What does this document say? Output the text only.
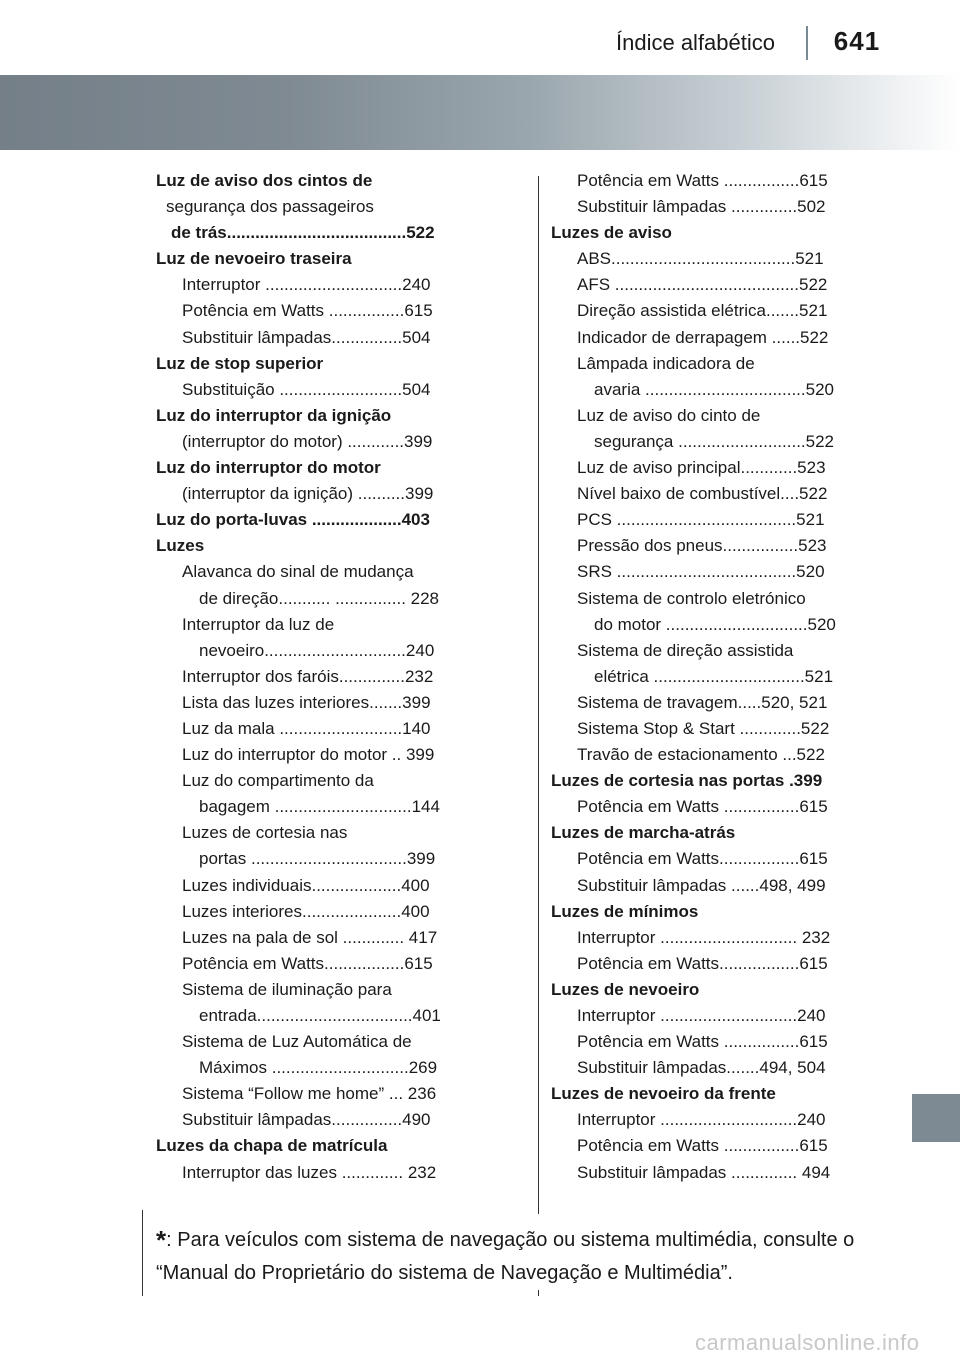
Índice alfabético	641
Luz de aviso dos cintos de
segurança dos passageiros
de trás......................................522
Luz de nevoeiro traseira
Interruptor .............................240
Potência em Watts ................615
Substituir lâmpadas...............504
Luz de stop superior
Substituição ..........................504
Luz do interruptor da ignição
(interruptor do motor) ............399
Luz do interruptor do motor
(interruptor da ignição) ..........399
Luz do porta-luvas ...................403
Luzes
Alavanca do sinal de mudança
de direção........... ............... 228
Interruptor da luz de
nevoeiro..............................240
Interruptor dos faróis..............232
Lista das luzes interiores.......399
Luz da mala ..........................140
Luz do interruptor do motor .. 399
Luz do compartimento da
bagagem .............................144
Luzes de cortesia nas
portas .................................399
Luzes individuais...................400
Luzes interiores.....................400
Luzes na pala de sol ............. 417
Potência em Watts.................615
Sistema de iluminação para
entrada.................................401
Sistema de Luz Automática de
Máximos .............................269
Sistema “Follow me home” ... 236
Substituir lâmpadas...............490
Luzes da chapa de matrícula
Interruptor das luzes ............. 232
Potência em Watts ................615
Substituir lâmpadas ..............502
Luzes de aviso
ABS.......................................521
AFS .......................................522
Direção assistida elétrica.......521
Indicador de derrapagem ......522
Lâmpada indicadora de
avaria ..................................520
Luz de aviso do cinto de
segurança ...........................522
Luz de aviso principal............523
Nível baixo de combustível....522
PCS ......................................521
Pressão dos pneus................523
SRS ......................................520
Sistema de controlo eletrónico
do motor ..............................520
Sistema de direção assistida
elétrica ................................521
Sistema de travagem.....520, 521
Sistema Stop & Start .............522
Travão de estacionamento ...522
Luzes de cortesia nas portas .399
Potência em Watts ................615
Luzes de marcha-atrás
Potência em Watts.................615
Substituir lâmpadas ......498, 499
Luzes de mínimos
Interruptor ............................. 232
Potência em Watts.................615
Luzes de nevoeiro
Interruptor .............................240
Potência em Watts ................615
Substituir lâmpadas.......494, 504
Luzes de nevoeiro da frente
Interruptor .............................240
Potência em Watts ................615
Substituir lâmpadas .............. 494
*: Para veículos com sistema de navegação ou sistema multimédia, consulte o “Manual do Proprietário do sistema de Navegação e Multimédia”.
carmanualsonline.info
